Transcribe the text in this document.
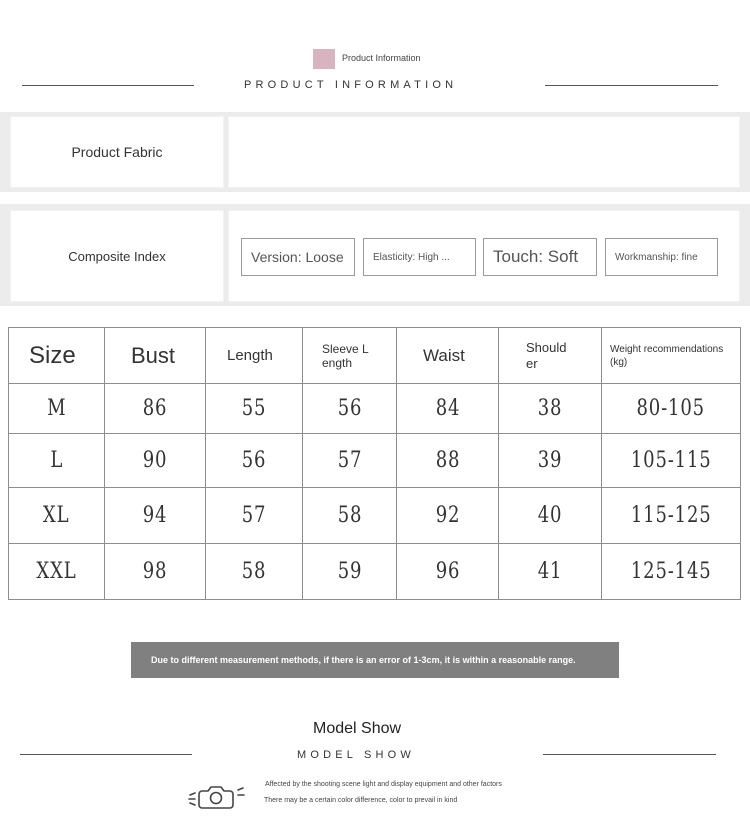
Product Information
PRODUCT INFORMATION
Product Fabric
Composite Index	Version: Loose	Elasticity: High ...	Touch: Soft	Workmanship: fine
Size	Bust	Length	Sleeve L ength	Waist	Should er	Weight recommendations (kg)

M	86	55	56	84	38	80-105
L	90	56	57	88	39	105-115
XL	94	57	58	92	40	115-125
XXL	98	58	59	96	41	125-145
Due to different measurement methods, if there is an error of 1-3cm, it is within a reasonable range.
Model Show
MODEL SHOW
Affected by the shooting scene light and display equipment and other factors
There may be a certain color difference, color to prevail in kind
